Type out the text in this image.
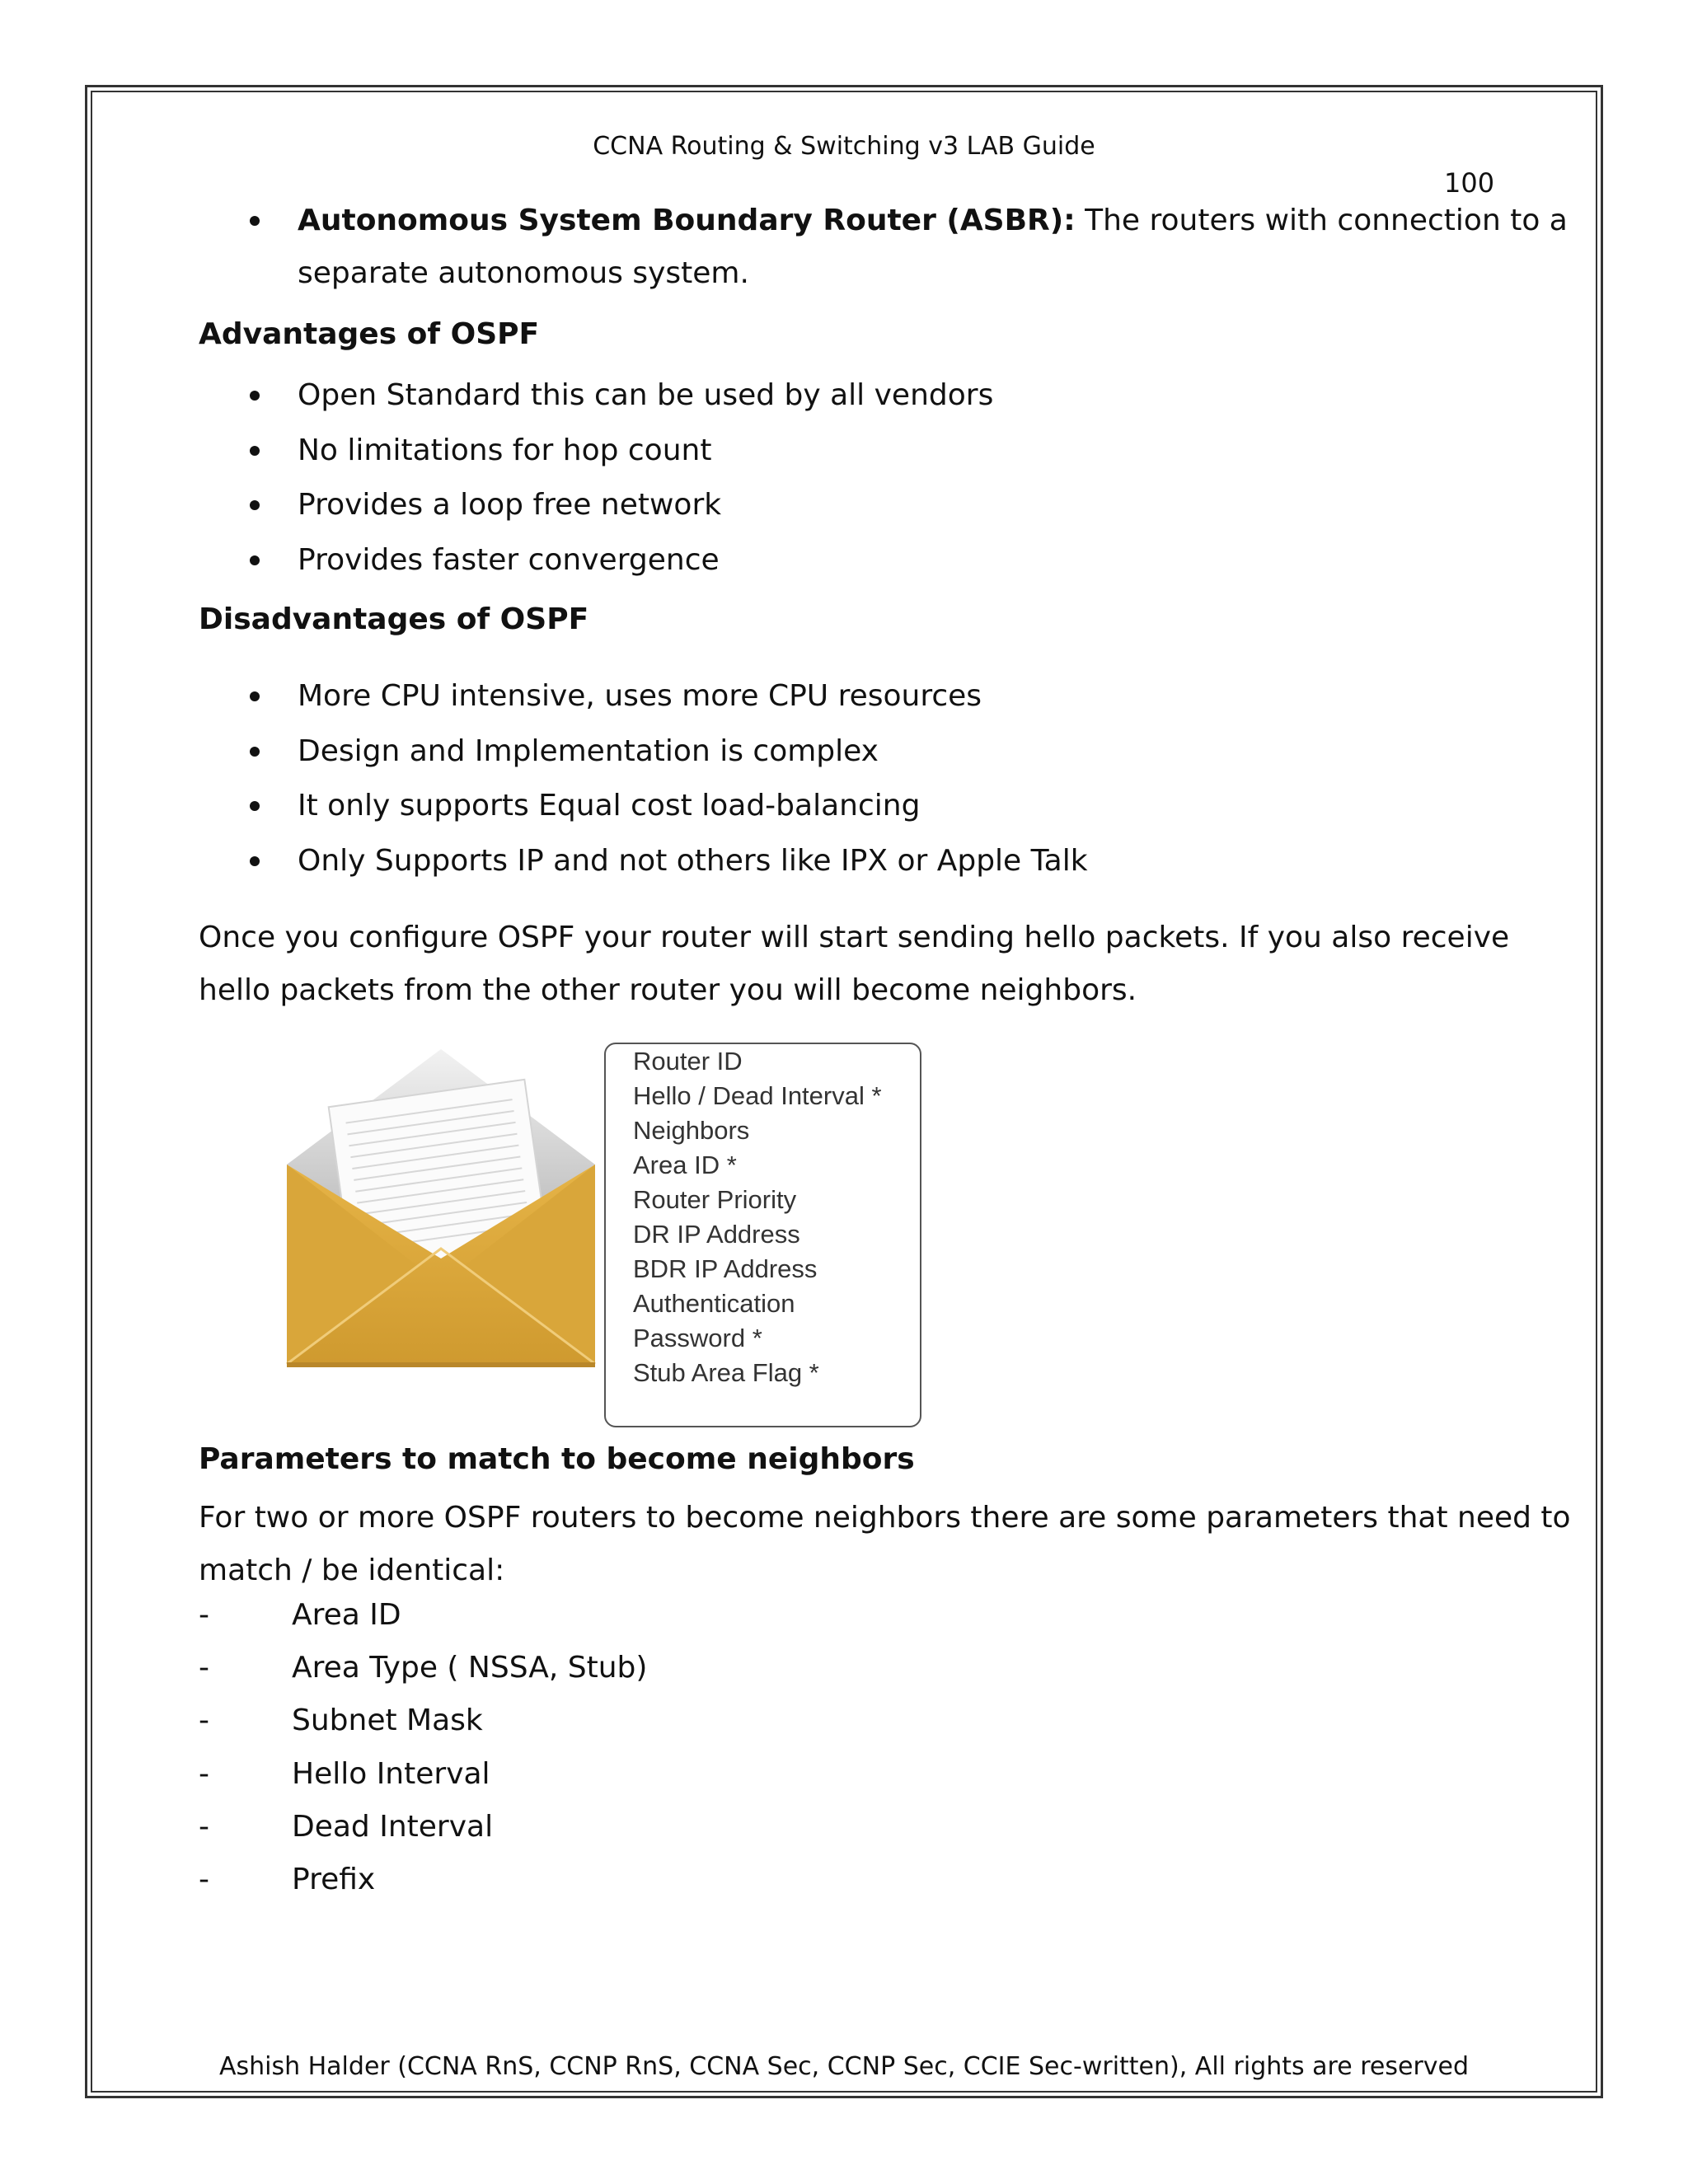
CCNA Routing & Switching v3 LAB Guide
100
Autonomous System Boundary Router (ASBR): The routers with connection to a
separate autonomous system.
Advantages of OSPF
Open Standard this can be used by all vendors
No limitations for hop count
Provides a loop free network
Provides faster convergence
Disadvantages of OSPF
More CPU intensive, uses more CPU resources
Design and Implementation is complex
It only supports Equal cost load-balancing
Only Supports IP and not others like IPX or Apple Talk
Once you configure OSPF your router will start sending hello packets. If you also receive
hello packets from the other router you will become neighbors.
Router ID
Hello / Dead Interval *
Neighbors
Area ID *
Router Priority
DR IP Address
BDR IP Address
Authentication
Password *
Stub Area Flag *
Parameters to match to become neighbors
For two or more OSPF routers to become neighbors there are some parameters that need to
match / be identical:
-	Area ID
-	Area Type ( NSSA, Stub)
-	Subnet Mask
-	Hello Interval
-	Dead Interval
-	Prefix
Ashish Halder (CCNA RnS, CCNP RnS, CCNA Sec, CCNP Sec, CCIE Sec-written), All rights are reserved
